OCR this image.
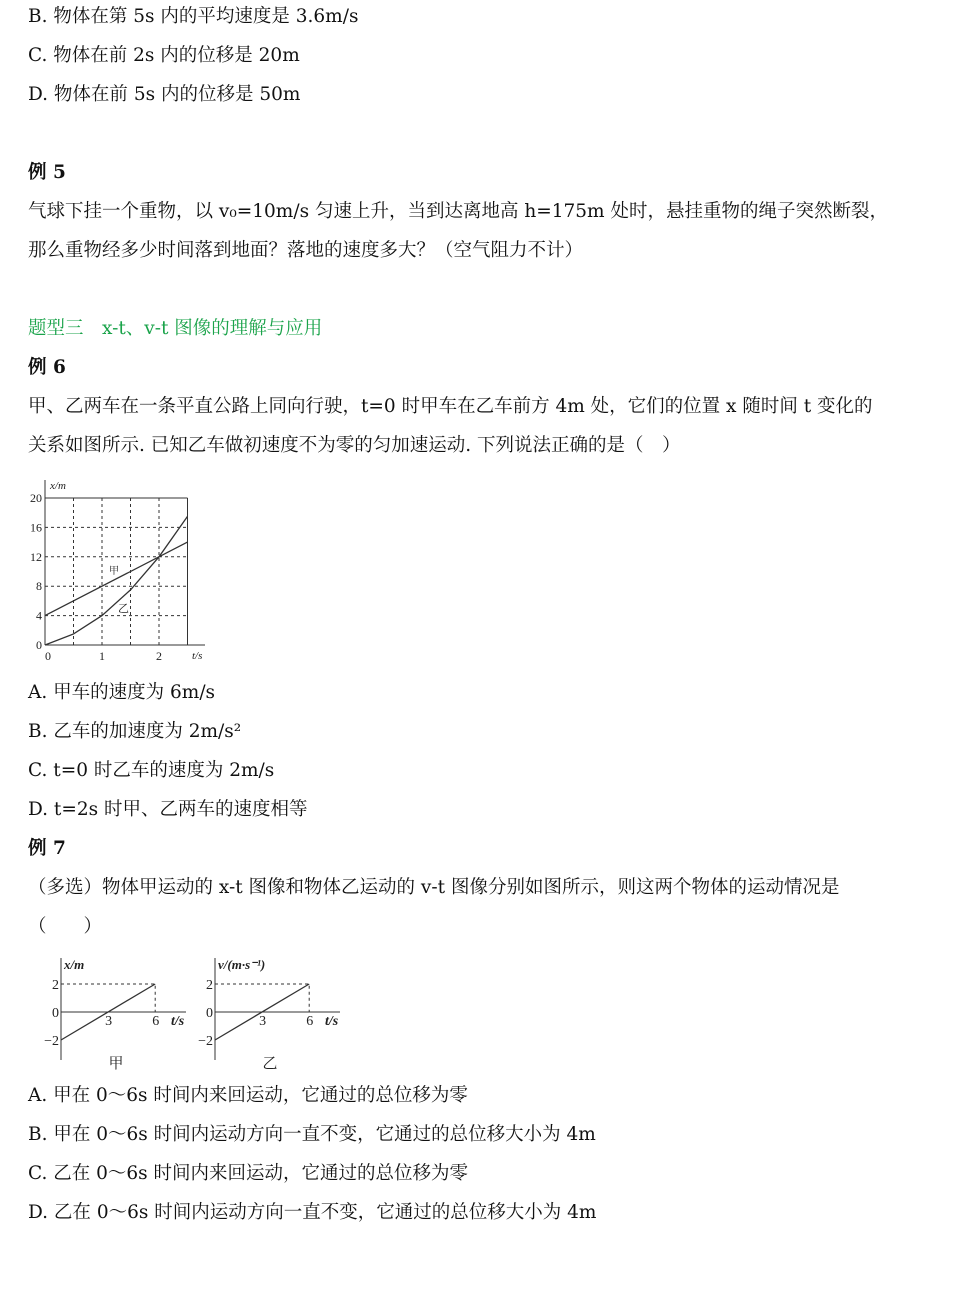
B. 物体在第 5s 内的平均速度是 3.6m/s
C. 物体在前 2s 内的位移是 20m
D. 物体在前 5s 内的位移是 50m
例 5
气球下挂一个重物，以 v₀=10m/s 匀速上升，当到达离地高 h=175m 处时，悬挂重物的绳子突然断裂，
那么重物经多少时间落到地面？落地的速度多大？（空气阻力不计）
题型三　x-t、v-t 图像的理解与应用
例 6
甲、乙两车在一条平直公路上同向行驶，t=0 时甲车在乙车前方 4m 处，它们的位置 x 随时间 t 变化的
关系如图所示. 已知乙车做初速度不为零的匀加速运动. 下列说法正确的是（　）
A. 甲车的速度为 6m/s
B. 乙车的加速度为 2m/s²
C. t=0 时乙车的速度为 2m/s
D. t=2s 时甲、乙两车的速度相等
例 7
（多选）物体甲运动的 x-t 图像和物体乙运动的 v-t 图像分别如图所示，则这两个物体的运动情况是
（　　）
A. 甲在 0～6s 时间内来回运动，它通过的总位移为零
B. 甲在 0～6s 时间内运动方向一直不变，它通过的总位移大小为 4m
C. 乙在 0～6s 时间内来回运动，它通过的总位移为零
D. 乙在 0～6s 时间内运动方向一直不变，它通过的总位移大小为 4m
x/m
t/s
0
4
8
12
16
20
0	1	2
甲
乙
x/m
t/s
2
0
−2
3	6
甲
v/(m·s⁻¹)
t/s
2
0
−2
3	6
乙
